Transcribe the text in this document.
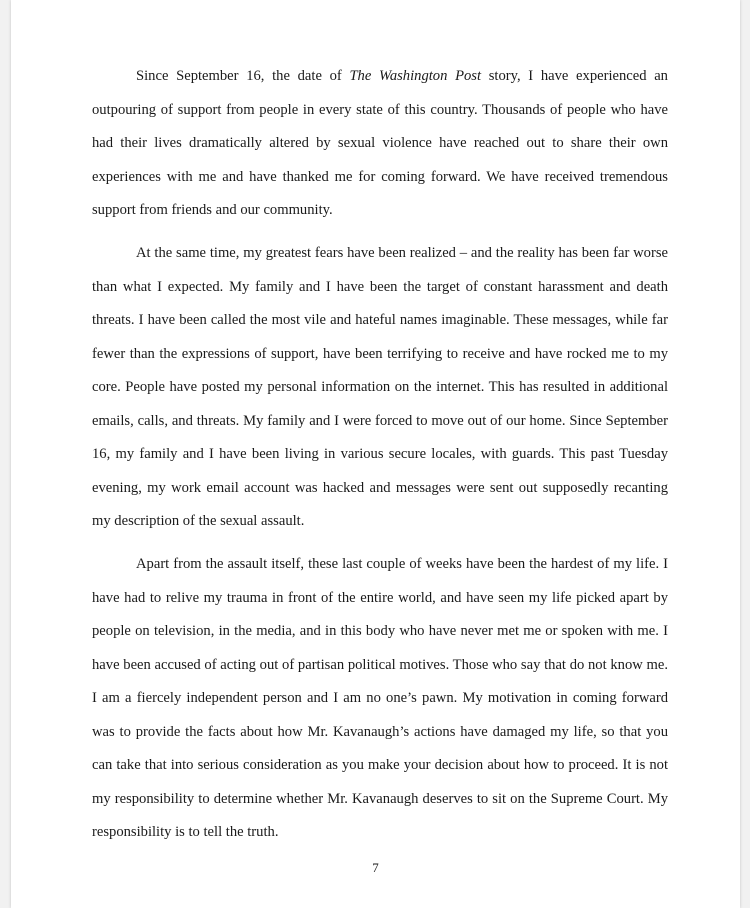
Since September 16, the date of The Washington Post story, I have experienced an outpouring of support from people in every state of this country. Thousands of people who have had their lives dramatically altered by sexual violence have reached out to share their own experiences with me and have thanked me for coming forward. We have received tremendous support from friends and our community.

At the same time, my greatest fears have been realized – and the reality has been far worse than what I expected. My family and I have been the target of constant harassment and death threats. I have been called the most vile and hateful names imaginable. These messages, while far fewer than the expressions of support, have been terrifying to receive and have rocked me to my core. People have posted my personal information on the internet. This has resulted in additional emails, calls, and threats. My family and I were forced to move out of our home. Since September 16, my family and I have been living in various secure locales, with guards. This past Tuesday evening, my work email account was hacked and messages were sent out supposedly recanting my description of the sexual assault.

Apart from the assault itself, these last couple of weeks have been the hardest of my life. I have had to relive my trauma in front of the entire world, and have seen my life picked apart by people on television, in the media, and in this body who have never met me or spoken with me. I have been accused of acting out of partisan political motives. Those who say that do not know me. I am a fiercely independent person and I am no one’s pawn. My motivation in coming forward was to provide the facts about how Mr. Kavanaugh’s actions have damaged my life, so that you can take that into serious consideration as you make your decision about how to proceed. It is not my responsibility to determine whether Mr. Kavanaugh deserves to sit on the Supreme Court. My responsibility is to tell the truth.

7
